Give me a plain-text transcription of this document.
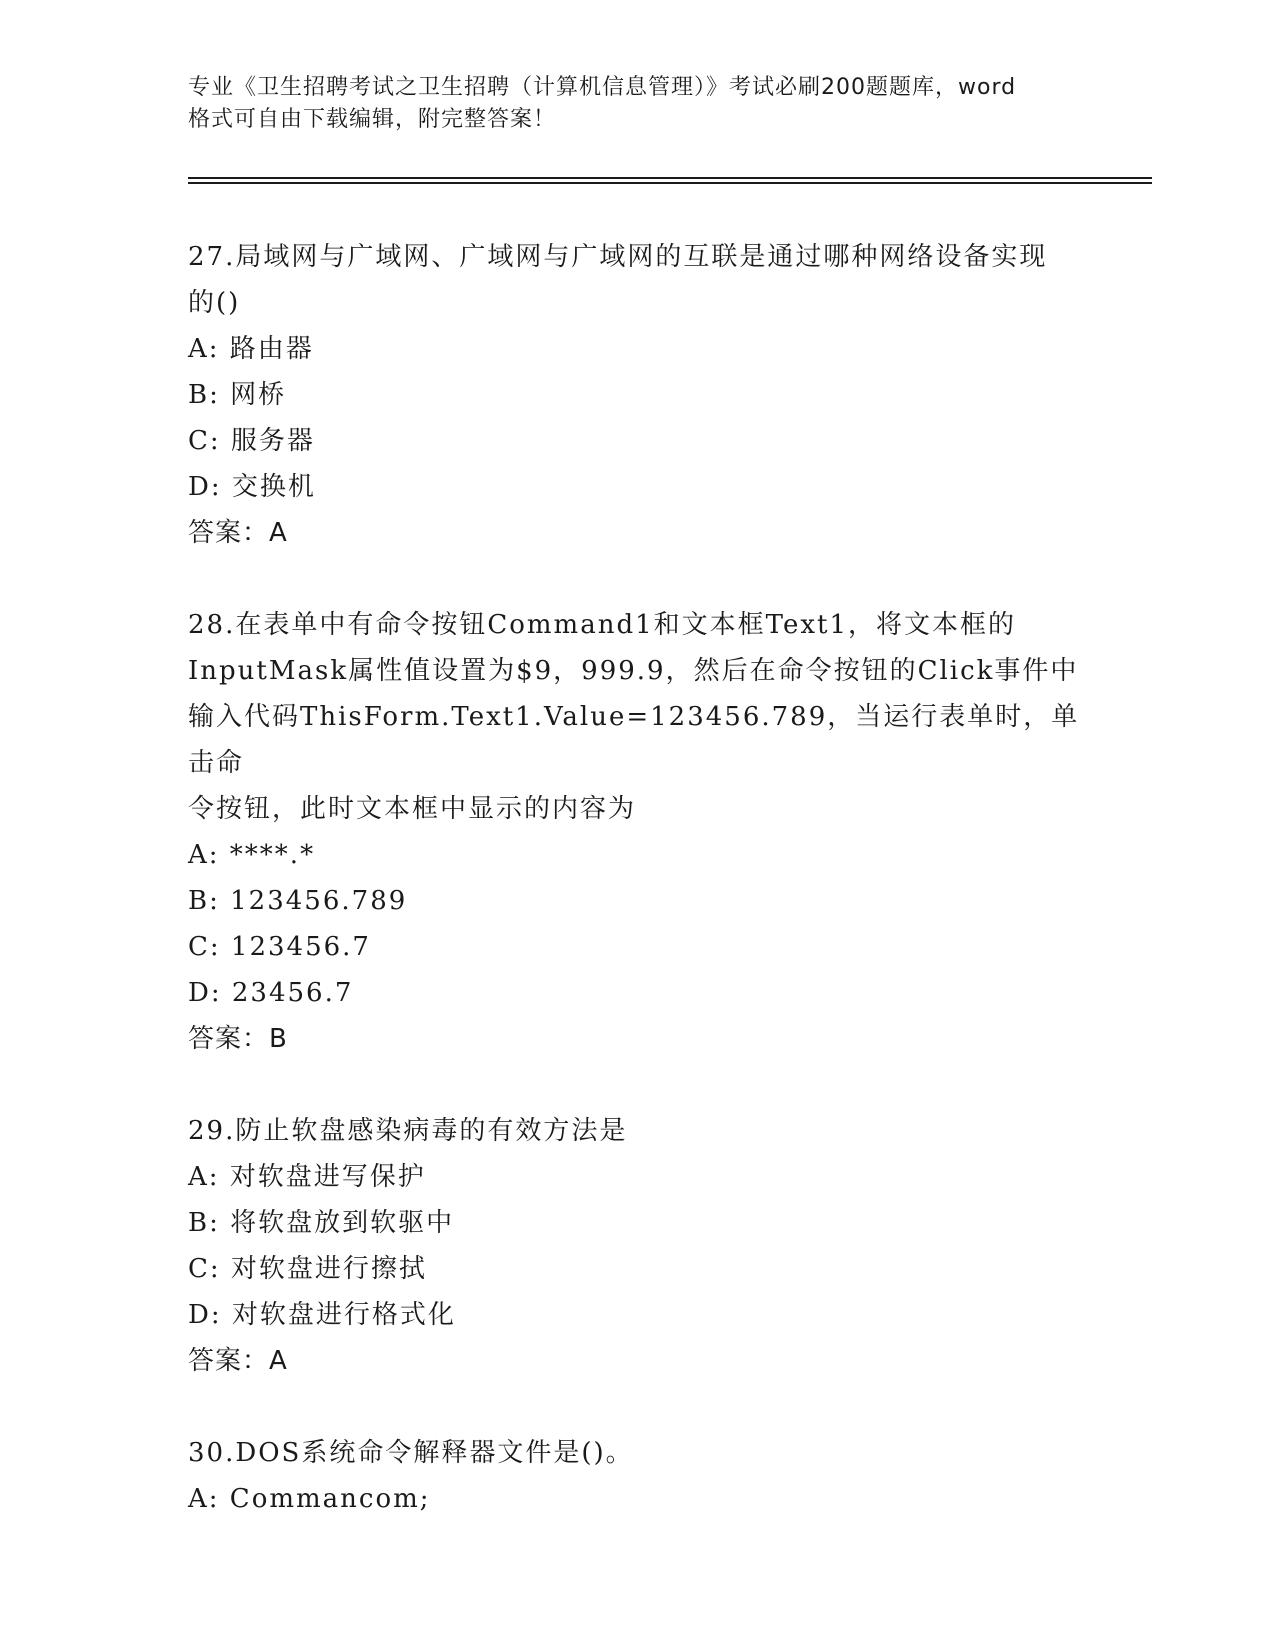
专业《卫生招聘考试之卫生招聘（计算机信息管理）》考试必刷200题题库，word
格式可自由下载编辑，附完整答案！
27.局域网与广域网、广域网与广域网的互联是通过哪种网络设备实现
的()
A: 路由器
B: 网桥
C: 服务器
D: 交换机
答案：A
28.在表单中有命令按钮Command1和文本框Text1，将文本框的
InputMask属性值设置为$9，999.9，然后在命令按钮的Click事件中
输入代码ThisForm.Text1.Value=123456.789，当运行表单时，单击命
令按钮，此时文本框中显示的内容为
A: ****.*
B: 123456.789
C: 123456.7
D: 23456.7
答案：B
29.防止软盘感染病毒的有效方法是
A: 对软盘进写保护
B: 将软盘放到软驱中
C: 对软盘进行擦拭
D: 对软盘进行格式化
答案：A
30.DOS系统命令解释器文件是()。
A: Commancom;
